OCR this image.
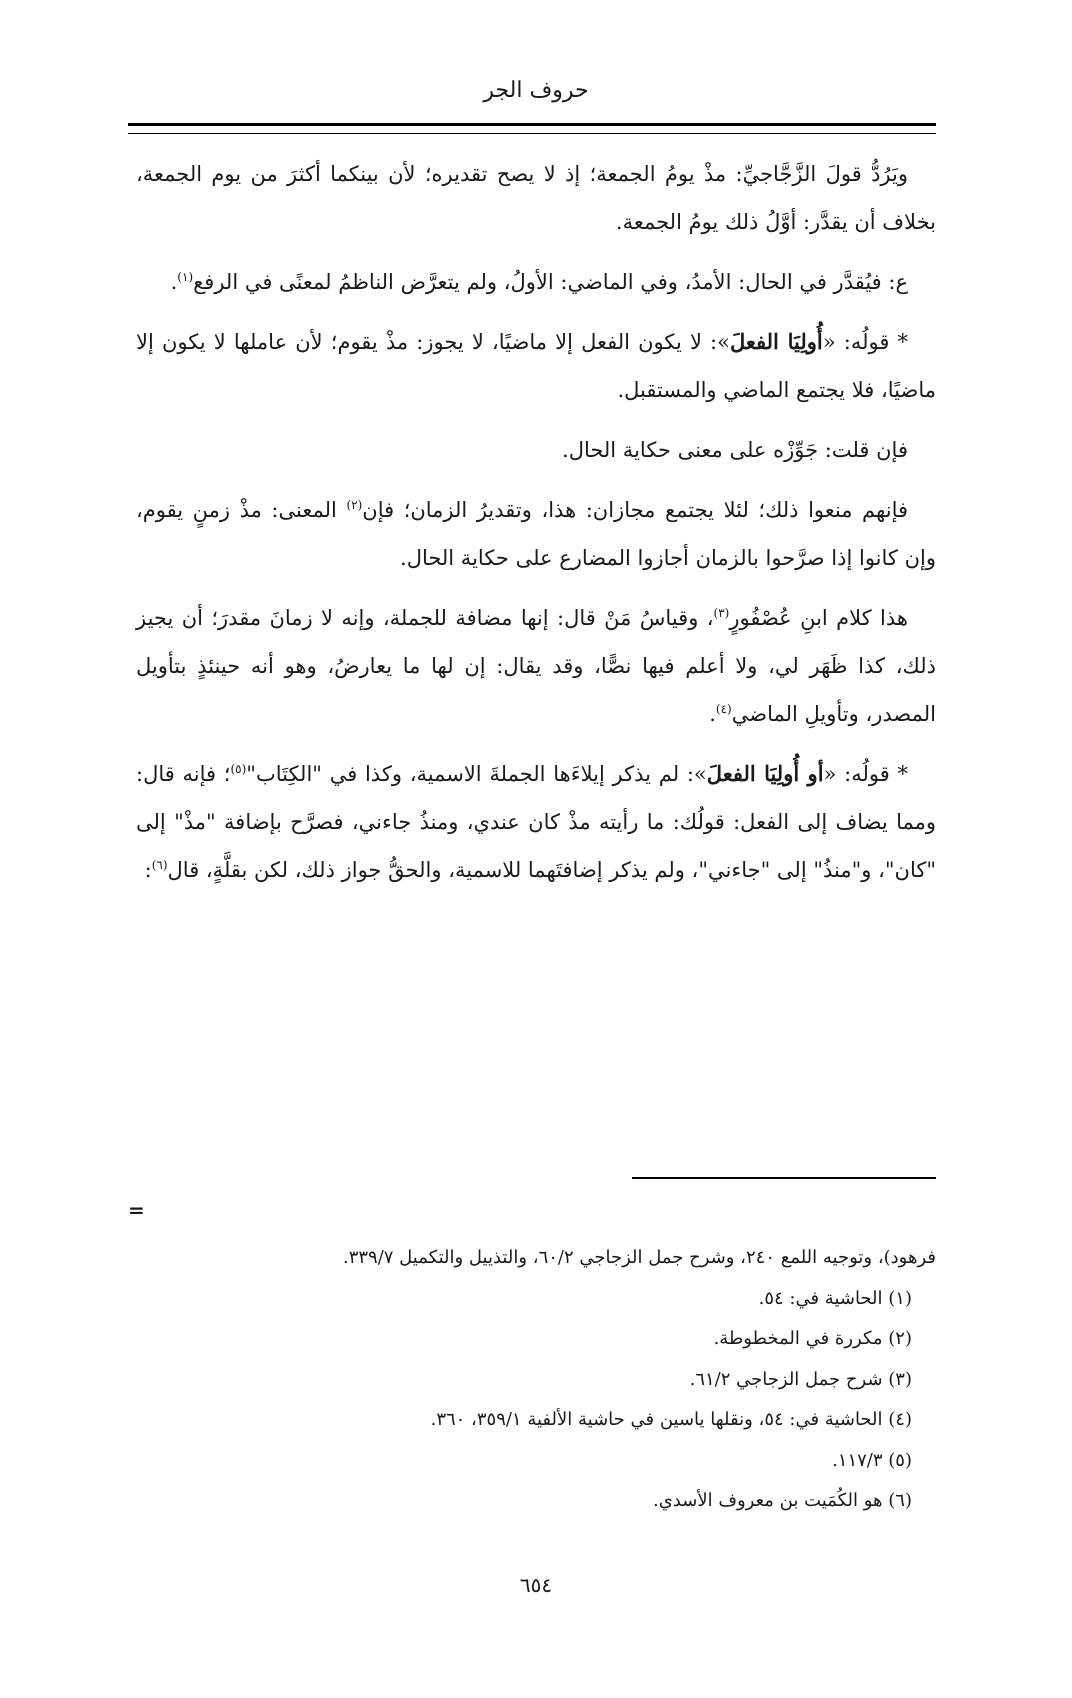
حروف الجر

ويَرُدُّ قولَ الزَّجَّاجيِّ: مذْ يومُ الجمعة؛ إذ لا يصح تقديره؛ لأن بينكما أكثرَ من يوم الجمعة، بخلاف أن يقدَّر: أوَّلُ ذلك يومُ الجمعة.

ع: فيُقدَّر في الحال: الأمدُ، وفي الماضي: الأولُ، ولم يتعرَّض الناظمُ لمعنًى في الرفع$^{(١)}$.

* قولُه: «أُولِيَا الفعلَ»: لا يكون الفعل إلا ماضيًا، لا يجوز: مذْ يقوم؛ لأن عاملها لا يكون إلا ماضيًا، فلا يجتمع الماضي والمستقبل.

فإن قلت: جَوِّزْه على معنى حكاية الحال.

فإنهم منعوا ذلك؛ لئلا يجتمع مجازان: هذا، وتقديرُ الزمان؛ فإن$^{(٢)}$ المعنى: مذْ زمنٍ يقوم، وإن كانوا إذا صرَّحوا بالزمان أجازوا المضارع على حكاية الحال.

هذا كلام ابنِ عُصْفُورٍ$^{(٣)}$، وقياسُ مَنْ قال: إنها مضافة للجملة، وإنه لا زمانَ مقدرَ؛ أن يجيز ذلك، كذا ظَهَر لي، ولا أعلم فيها نصًّا، وقد يقال: إن لها ما يعارضُ، وهو أنه حينئذٍ بتأويل المصدر، وتأويلِ الماضي$^{(٤)}$.

* قولُه: «أو أُولِيَا الفعلَ»: لم يذكر إيلاءَها الجملةَ الاسمية، وكذا في "الكِتَاب"$^{(٥)}$؛ فإنه قال: ومما يضاف إلى الفعل: قولُك: ما رأيته مذْ كان عندي، ومنذُ جاءني، فصرَّح بإضافة "مذْ" إلى "كان"، و"منذُ" إلى "جاءني"، ولم يذكر إضافتَهما للاسمية، والحقُّ جواز ذلك، لكن بقلَّةٍ، قال$^{(٦)}$:

=
فرهود)، وتوجيه اللمع ٢٤٠، وشرح جمل الزجاجي ٦٠/٢، والتذييل والتكميل ٣٣٩/٧.
(١) الحاشية في: ٥٤.
(٢) مكررة في المخطوطة.
(٣) شرح جمل الزجاجي ٦١/٢.
(٤) الحاشية في: ٥٤، ونقلها ياسين في حاشية الألفية ٣٥٩/١، ٣٦٠.
(٥) ١١٧/٣.
(٦) هو الكُمَيت بن معروف الأسدي.
٦٥٤
